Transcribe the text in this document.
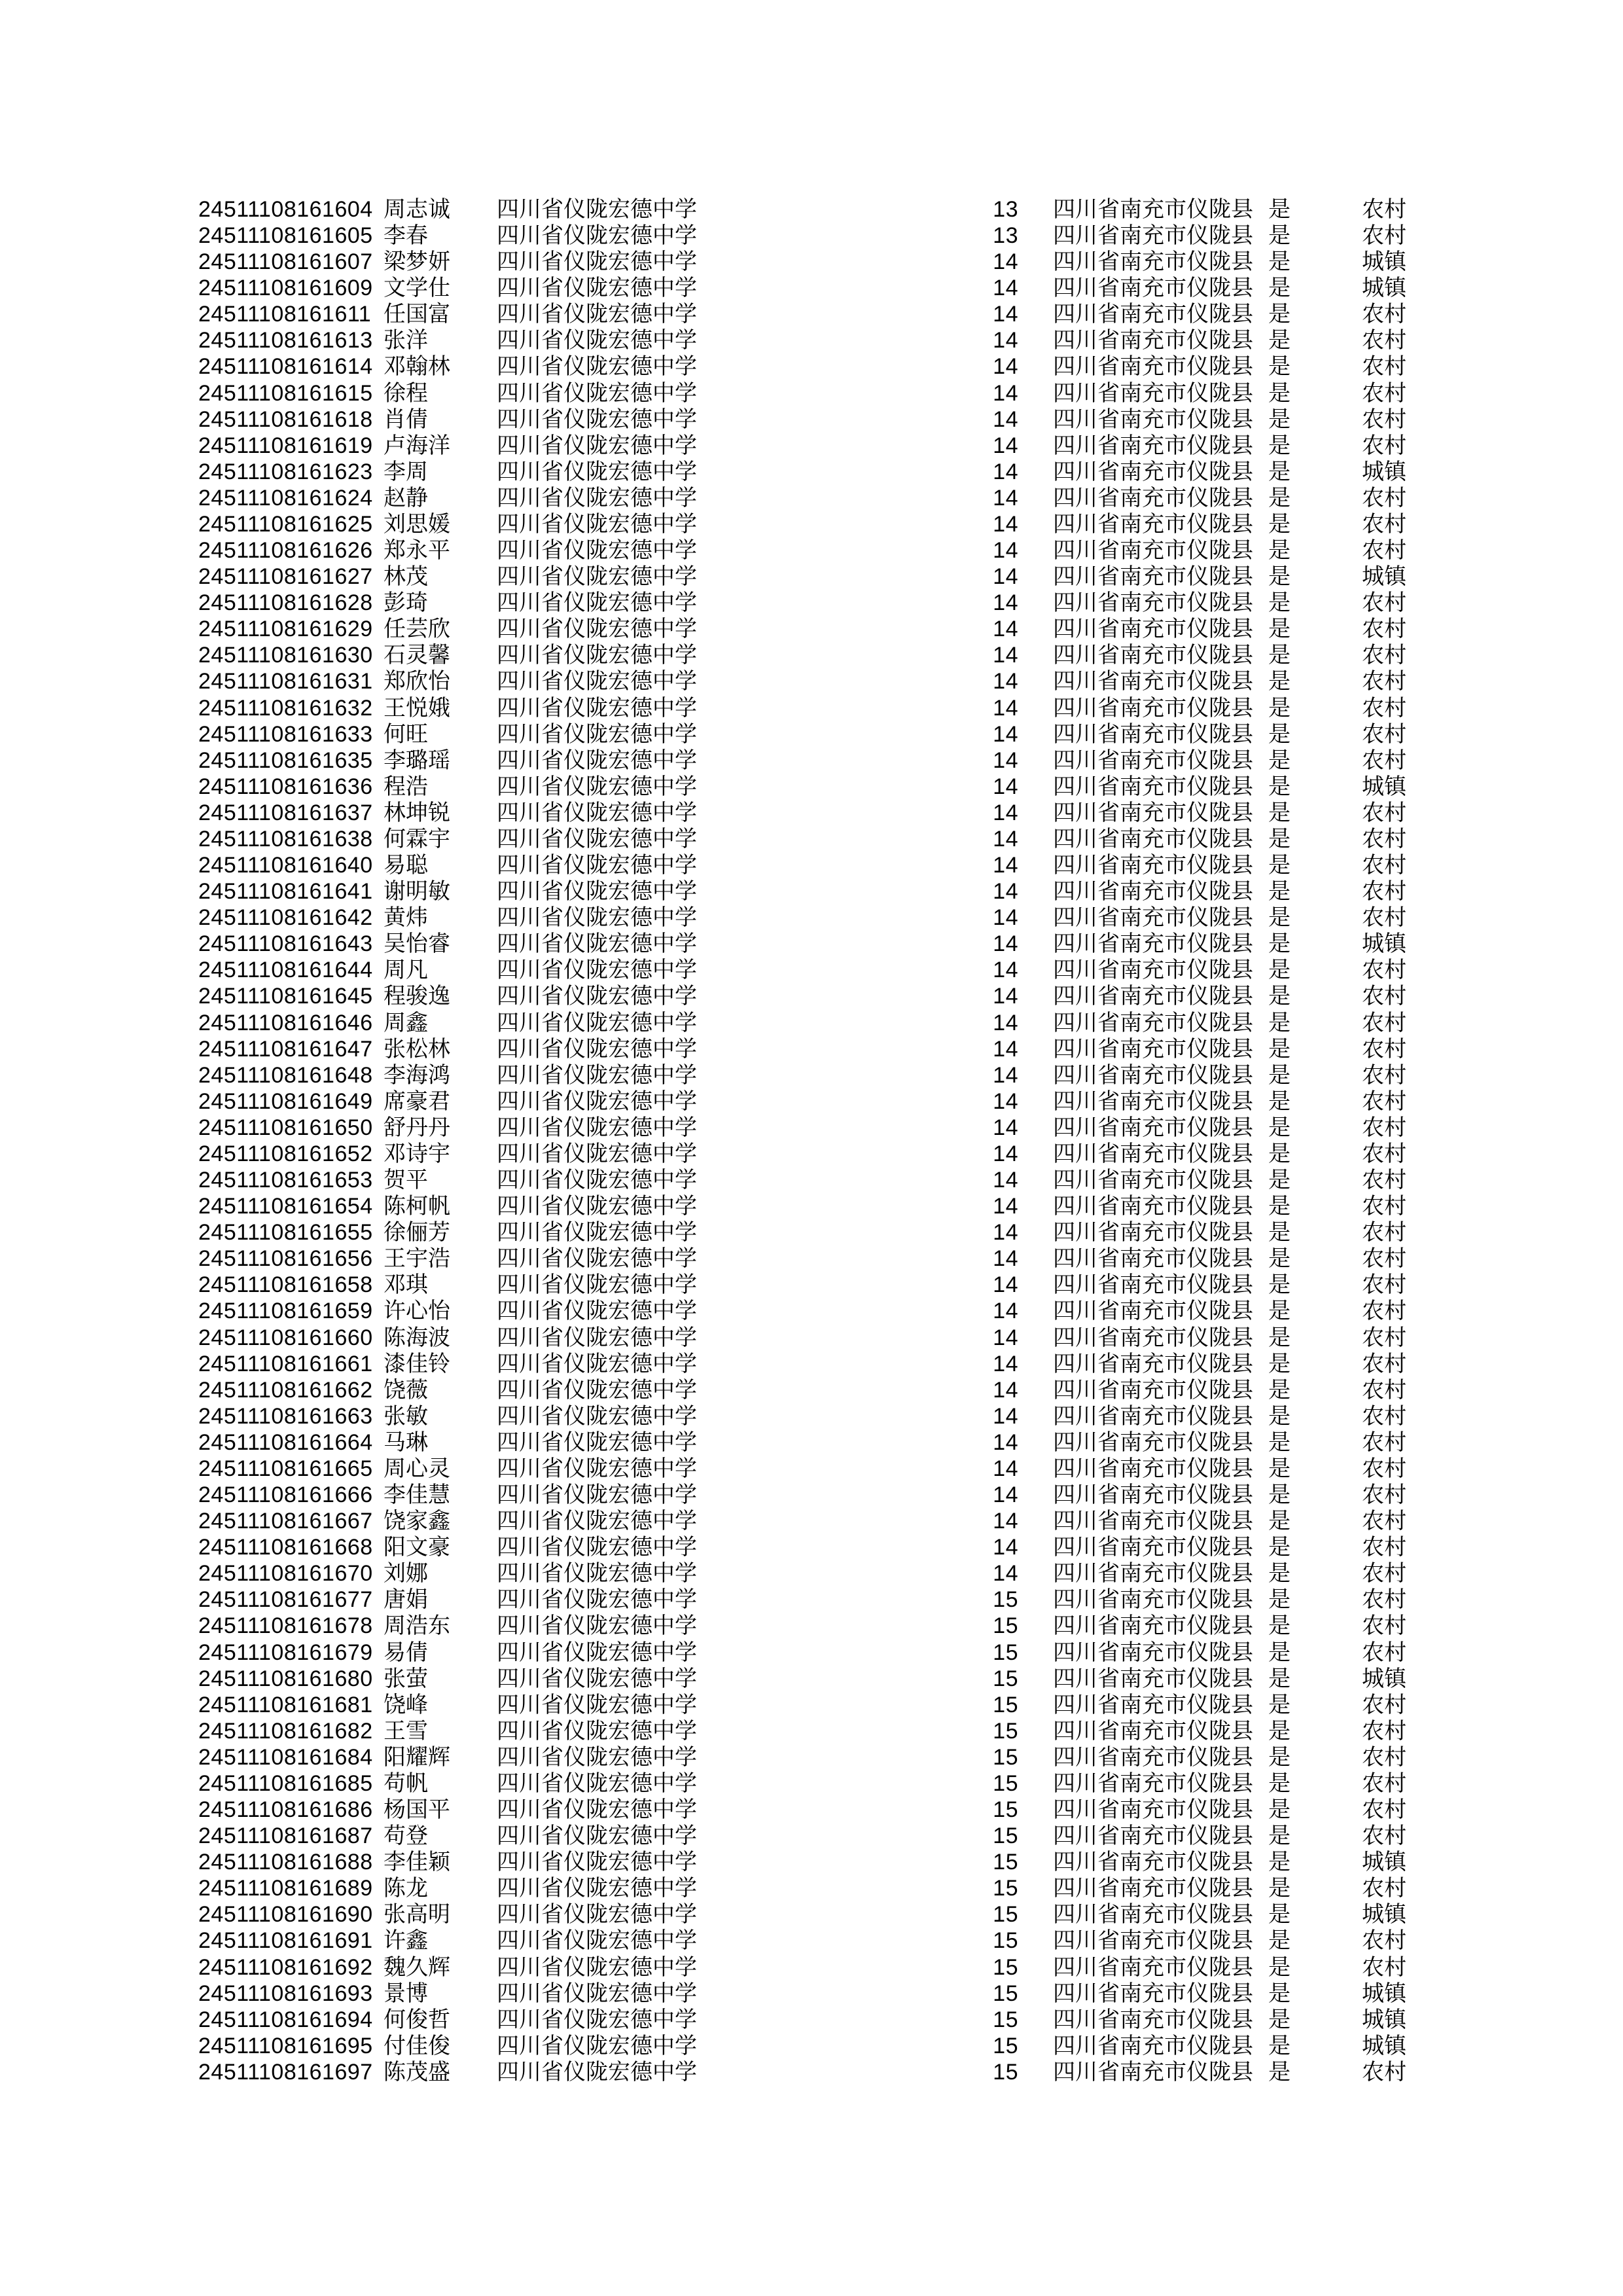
24511108161604 周志诚 四川省仪陇宏德中学	13 四川省南充市仪陇县 是	农村
24511108161605 李春	四川省仪陇宏德中学	13 四川省南充市仪陇县 是	农村
24511108161607 梁梦妍 四川省仪陇宏德中学	14 四川省南充市仪陇县 是	城镇
24511108161609 文学仕 四川省仪陇宏德中学	14 四川省南充市仪陇县 是	城镇
24511108161611 任国富 四川省仪陇宏德中学	14 四川省南充市仪陇县 是	农村
24511108161613 张洋	四川省仪陇宏德中学	14 四川省南充市仪陇县 是	农村
24511108161614 邓翰林 四川省仪陇宏德中学	14 四川省南充市仪陇县 是	农村
24511108161615 徐程	四川省仪陇宏德中学	14 四川省南充市仪陇县 是	农村
24511108161618 肖倩	四川省仪陇宏德中学	14 四川省南充市仪陇县 是	农村
24511108161619 卢海洋 四川省仪陇宏德中学	14 四川省南充市仪陇县 是	农村
24511108161623 李周	四川省仪陇宏德中学	14 四川省南充市仪陇县 是	城镇
24511108161624 赵静	四川省仪陇宏德中学	14 四川省南充市仪陇县 是	农村
24511108161625 刘思媛 四川省仪陇宏德中学	14 四川省南充市仪陇县 是	农村
24511108161626 郑永平 四川省仪陇宏德中学	14 四川省南充市仪陇县 是	农村
24511108161627 林茂	四川省仪陇宏德中学	14 四川省南充市仪陇县 是	城镇
24511108161628 彭琦	四川省仪陇宏德中学	14 四川省南充市仪陇县 是	农村
24511108161629 任芸欣 四川省仪陇宏德中学	14 四川省南充市仪陇县 是	农村
24511108161630 石灵馨 四川省仪陇宏德中学	14 四川省南充市仪陇县 是	农村
24511108161631 郑欣怡 四川省仪陇宏德中学	14 四川省南充市仪陇县 是	农村
24511108161632 王悦娥 四川省仪陇宏德中学	14 四川省南充市仪陇县 是	农村
24511108161633 何旺	四川省仪陇宏德中学	14 四川省南充市仪陇县 是	农村
24511108161635 李璐瑶 四川省仪陇宏德中学	14 四川省南充市仪陇县 是	农村
24511108161636 程浩	四川省仪陇宏德中学	14 四川省南充市仪陇县 是	城镇
24511108161637 林坤锐 四川省仪陇宏德中学	14 四川省南充市仪陇县 是	农村
24511108161638 何霖宇 四川省仪陇宏德中学	14 四川省南充市仪陇县 是	农村
24511108161640 易聪	四川省仪陇宏德中学	14 四川省南充市仪陇县 是	农村
24511108161641 谢明敏 四川省仪陇宏德中学	14 四川省南充市仪陇县 是	农村
24511108161642 黄炜	四川省仪陇宏德中学	14 四川省南充市仪陇县 是	农村
24511108161643 吴怡睿 四川省仪陇宏德中学	14 四川省南充市仪陇县 是	城镇
24511108161644 周凡	四川省仪陇宏德中学	14 四川省南充市仪陇县 是	农村
24511108161645 程骏逸 四川省仪陇宏德中学	14 四川省南充市仪陇县 是	农村
24511108161646 周鑫	四川省仪陇宏德中学	14 四川省南充市仪陇县 是	农村
24511108161647 张松林 四川省仪陇宏德中学	14 四川省南充市仪陇县 是	农村
24511108161648 李海鸿 四川省仪陇宏德中学	14 四川省南充市仪陇县 是	农村
24511108161649 席豪君 四川省仪陇宏德中学	14 四川省南充市仪陇县 是	农村
24511108161650 舒丹丹 四川省仪陇宏德中学	14 四川省南充市仪陇县 是	农村
24511108161652 邓诗宇 四川省仪陇宏德中学	14 四川省南充市仪陇县 是	农村
24511108161653 贺平	四川省仪陇宏德中学	14 四川省南充市仪陇县 是	农村
24511108161654 陈柯帆 四川省仪陇宏德中学	14 四川省南充市仪陇县 是	农村
24511108161655 徐俪芳 四川省仪陇宏德中学	14 四川省南充市仪陇县 是	农村
24511108161656 王宇浩 四川省仪陇宏德中学	14 四川省南充市仪陇县 是	农村
24511108161658 邓琪	四川省仪陇宏德中学	14 四川省南充市仪陇县 是	农村
24511108161659 许心怡 四川省仪陇宏德中学	14 四川省南充市仪陇县 是	农村
24511108161660 陈海波 四川省仪陇宏德中学	14 四川省南充市仪陇县 是	农村
24511108161661 漆佳铃 四川省仪陇宏德中学	14 四川省南充市仪陇县 是	农村
24511108161662 饶薇	四川省仪陇宏德中学	14 四川省南充市仪陇县 是	农村
24511108161663 张敏	四川省仪陇宏德中学	14 四川省南充市仪陇县 是	农村
24511108161664 马琳	四川省仪陇宏德中学	14 四川省南充市仪陇县 是	农村
24511108161665 周心灵 四川省仪陇宏德中学	14 四川省南充市仪陇县 是	农村
24511108161666 李佳慧 四川省仪陇宏德中学	14 四川省南充市仪陇县 是	农村
24511108161667 饶家鑫 四川省仪陇宏德中学	14 四川省南充市仪陇县 是	农村
24511108161668 阳文豪 四川省仪陇宏德中学	14 四川省南充市仪陇县 是	农村
24511108161670 刘娜	四川省仪陇宏德中学	14 四川省南充市仪陇县 是	农村
24511108161677 唐娟	四川省仪陇宏德中学	15 四川省南充市仪陇县 是	农村
24511108161678 周浩东 四川省仪陇宏德中学	15 四川省南充市仪陇县 是	农村
24511108161679 易倩	四川省仪陇宏德中学	15 四川省南充市仪陇县 是	农村
24511108161680 张萤	四川省仪陇宏德中学	15 四川省南充市仪陇县 是	城镇
24511108161681 饶峰	四川省仪陇宏德中学	15 四川省南充市仪陇县 是	农村
24511108161682 王雪	四川省仪陇宏德中学	15 四川省南充市仪陇县 是	农村
24511108161684 阳耀辉 四川省仪陇宏德中学	15 四川省南充市仪陇县 是	农村
24511108161685 苟帆	四川省仪陇宏德中学	15 四川省南充市仪陇县 是	农村
24511108161686 杨国平 四川省仪陇宏德中学	15 四川省南充市仪陇县 是	农村
24511108161687 苟登	四川省仪陇宏德中学	15 四川省南充市仪陇县 是	农村
24511108161688 李佳颖 四川省仪陇宏德中学	15 四川省南充市仪陇县 是	城镇
24511108161689 陈龙	四川省仪陇宏德中学	15 四川省南充市仪陇县 是	农村
24511108161690 张高明 四川省仪陇宏德中学	15 四川省南充市仪陇县 是	城镇
24511108161691 许鑫	四川省仪陇宏德中学	15 四川省南充市仪陇县 是	农村
24511108161692 魏久辉 四川省仪陇宏德中学	15 四川省南充市仪陇县 是	农村
24511108161693 景博	四川省仪陇宏德中学	15 四川省南充市仪陇县 是	城镇
24511108161694 何俊哲 四川省仪陇宏德中学	15 四川省南充市仪陇县 是	城镇
24511108161695 付佳俊 四川省仪陇宏德中学	15 四川省南充市仪陇县 是	城镇
24511108161697 陈茂盛 四川省仪陇宏德中学	15 四川省南充市仪陇县 是	农村
